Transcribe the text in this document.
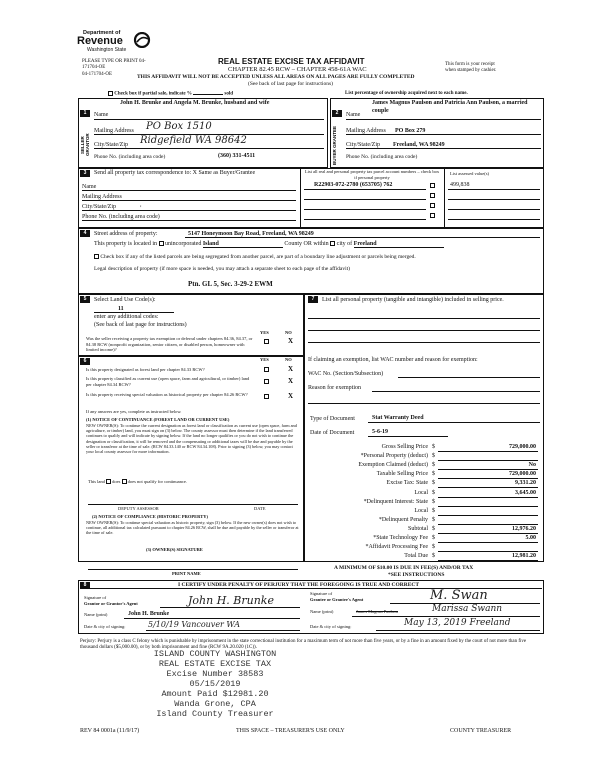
Department of
Revenue
Washington State
PLEASE TYPE OR PRINT 04-
171704-OE
04-171704-OE
REAL ESTATE EXCISE TAX AFFIDAVIT
CHAPTER 82.45 RCW – CHAPTER 458-61A WAC
THIS AFFIDAVIT WILL NOT BE ACCEPTED UNLESS ALL AREAS ON ALL PAGES ARE FULLY COMPLETED
(See back of last page for instructions)
This form is your receipt
when stamped by cashier.
Check box if partial sale, indicate %	sold	List percentage of ownership acquired next to each name.
1
SELLER GRANTOR
2
BUYER GRANTEE
Name
John H. Brunke and Angela M. Brunke, husband and wife
Mailing Address PO Box 1510
City/State/Zip Ridgefield WA 98642
Phone No. (including area code)	(360) 331-4511
Name
James Magnus Paulson and Patricia Ann Paulson, a married couple
Mailing Address PO Box 279
City/State/Zip Freeland, WA 98249
Phone No. (including area code)
3	Send all property tax correspondence to: X Same as Buyer/Grantee
Name
Mailing Address
City/State/Zip	,
Phone No. (including area code)
List all real and personal property tax parcel account numbers – check box if personal property
List assessed value(s)
R22903-072-2780 (653705) 762	499,838
4	Street address of property:	5147 Honeymoon Bay Road, Freeland, WA 98249
This property is located in unincorporated Island	County OR within city of Freeland
Check box if any of the listed parcels are being segregated from another parcel, are part of a boundary line adjustment or parcels being merged.
Legal description of property (if more space is needed, you may attach a separate sheet to each page of the affidavit)
Ptn. GL 5, Sec. 3-29-2 EWM
5	Select Land Use Code(s):
11
enter any additional codes:
(See back of last page for instructions)
YES	NO
Was the seller receiving a property tax exemption or deferral under chapters 84.36, 84.37, or 84.38 RCW (nonprofit organization, senior citizen, or disabled person, homeowner with limited income)?
X
6	YES	NO
Is this property designated as forest land per chapter 84.33 RCW?	X
Is this property classified as current use (open space, farm and agricultural, or timber) land per chapter 84.34 RCW?	X
Is this property receiving special valuation as historical property per chapter 84.26 RCW?	X
If any answers are yes, complete as instructed below.
(1) NOTICE OF CONTINUANCE (FOREST LAND OR CURRENT USE)
NEW OWNER(S): To continue the current designation as forest land or classification as current use (open space, farm and agriculture, or timber) land, you must sign on (3) below. The county assessor must then determine if the land transferred continues to qualify and will indicate by signing below. If the land no longer qualifies or you do not wish to continue the designation or classification, it will be removed and the compensating or additional taxes will be due and payable by the seller or transferor at the time of sale. (RCW 84.33.140 or RCW 84.34.108). Prior to signing (3) below, you may contact your local county assessor for more information.
This land does does not qualify for continuance.
DEPUTY ASSESSOR	DATE
(2) NOTICE OF COMPLIANCE (HISTORIC PROPERTY)
NEW OWNER(S): To continue special valuation as historic property, sign (3) below. If the new owner(s) does not wish to continue, all additional tax calculated pursuant to chapter 84.26 RCW, shall be due and payable by the seller or transferor at the time of sale.
(3) OWNER(S) SIGNATURE
PRINT NAME
7	List all personal property (tangible and intangible) included in selling price.
If claiming an exemption, list WAC number and reason for exemption:
WAC No. (Section/Subsection)
Reason for exemption
Type of Document	Stat Warranty Deed
Date of Document	5-6-19
Gross Selling Price $	729,000.00
*Personal Property (deduct) $
Exemption Claimed (deduct) $	No
Taxable Selling Price $	729,000.00
Excise Tax: State $	9,331.20
Local $	3,645.00
*Delinquent Interest: State $
Local $
*Delinquent Penalty $
Subtotal $	12,976.20
*State Technology Fee $	5.00
*Affidavit Processing Fee $
Total Due $	12,981.20
A MINIMUM OF $10.00 IS DUE IN FEE(S) AND/OR TAX
*SEE INSTRUCTIONS
8	I CERTIFY UNDER PENALTY OF PERJURY THAT THE FOREGOING IS TRUE AND CORRECT
Signature of
Grantor or Grantor's Agent	John H. Brunke
Name (print)	John H. Brunke
Date & city of signing:	5/10/19 Vancouver WA
Signature of
Grantee or Grantee's Agent	M. Swan
Name (print)	James Magnus Paulson	Marissa Swann
Date & city of signing:	May 13, 2019 Freeland
Perjury: Perjury is a class C felony which is punishable by imprisonment in the state correctional institution for a maximum term of not more than five years, or by a fine in an amount fixed by the court of not more than five thousand dollars ($5,000.00), or by both imprisonment and fine (RCW 9A.20.020 (1C)).
ISLAND COUNTY WASHINGTON
REAL ESTATE EXCISE TAX
Excise Number 38583
05/15/2019
Amount Paid $12981.20
Wanda Grone, CPA
Island County Treasurer
REV 84 0001a (11/9/17)	THIS SPACE – TREASURER'S USE ONLY	COUNTY TREASURER
